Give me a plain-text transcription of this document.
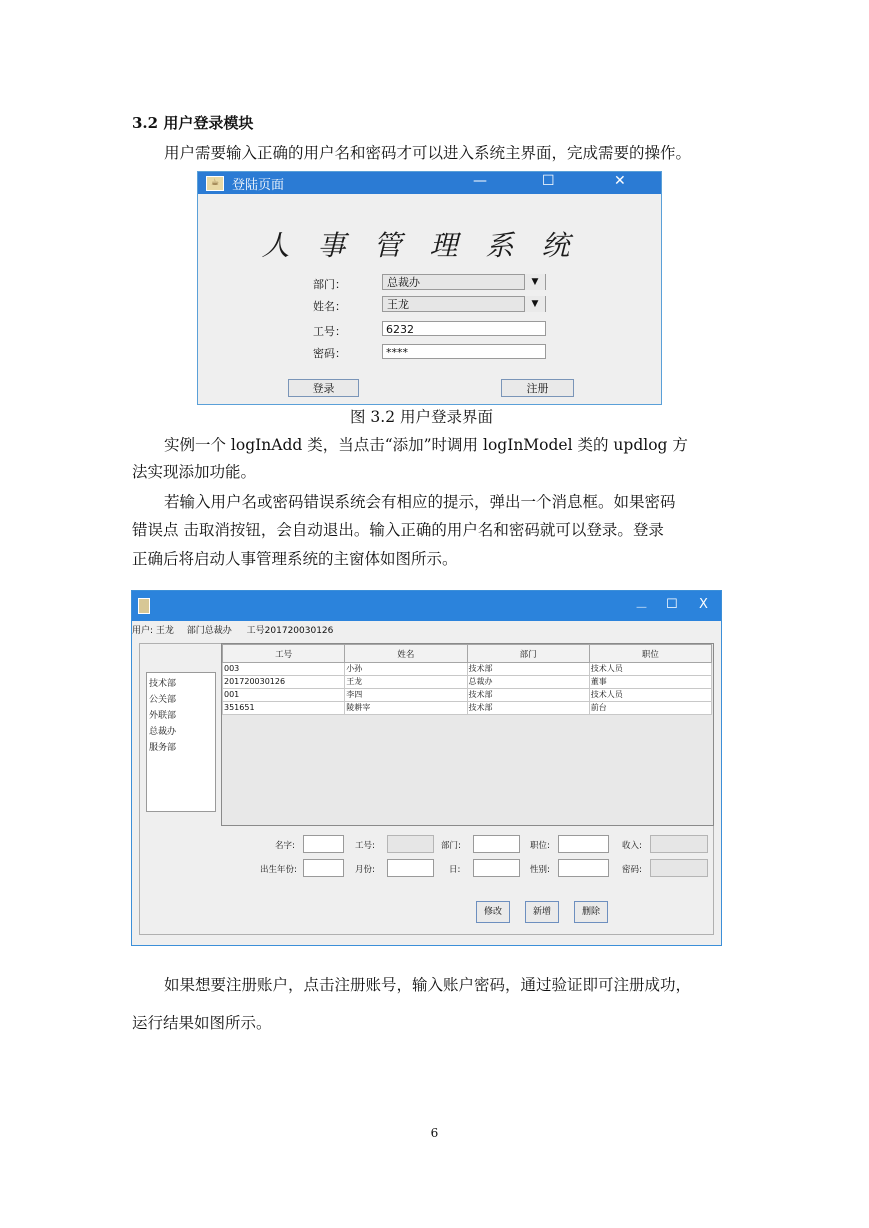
3.2 用户登录模块
用户需要输入正确的用户名和密码才可以进入系统主界面，完成需要的操作。
☕ 登陆页面	—	☐	✕
人事管理系统
部门：	总裁办	▼
姓名：	王龙	▼
工号：	6232
密码：	****
登录	注册
图 3.2 用户登录界面
实例一个 logInAdd 类，当点击“添加”时调用 logInModel 类的 updlog 方
法实现添加功能。
若输入用户名或密码错误系统会有相应的提示，弹出一个消息框。如果密码
错误点 击取消按钮，会自动退出。输入正确的用户名和密码就可以登录。登录
正确后将启动人事管理系统的主窗体如图所示。
－ ☐ X
用户: 王龙 部门总裁办 工号201720030126
技术部
公关部
外联部
总裁办
服务部
工号	姓名	部门	职位
003	小孙	技术部	技术人员
201720030126	王龙	总裁办	董事
001	李四	技术部	技术人员
351651	陵耕宰	技术部	前台
名字:	工号:	部门:	职位:	收入:
出生年份:	月份:	日:	性别:	密码:
修改	新增	删除
如果想要注册账户，点击注册账号，输入账户密码，通过验证即可注册成功，
运行结果如图所示。
6
